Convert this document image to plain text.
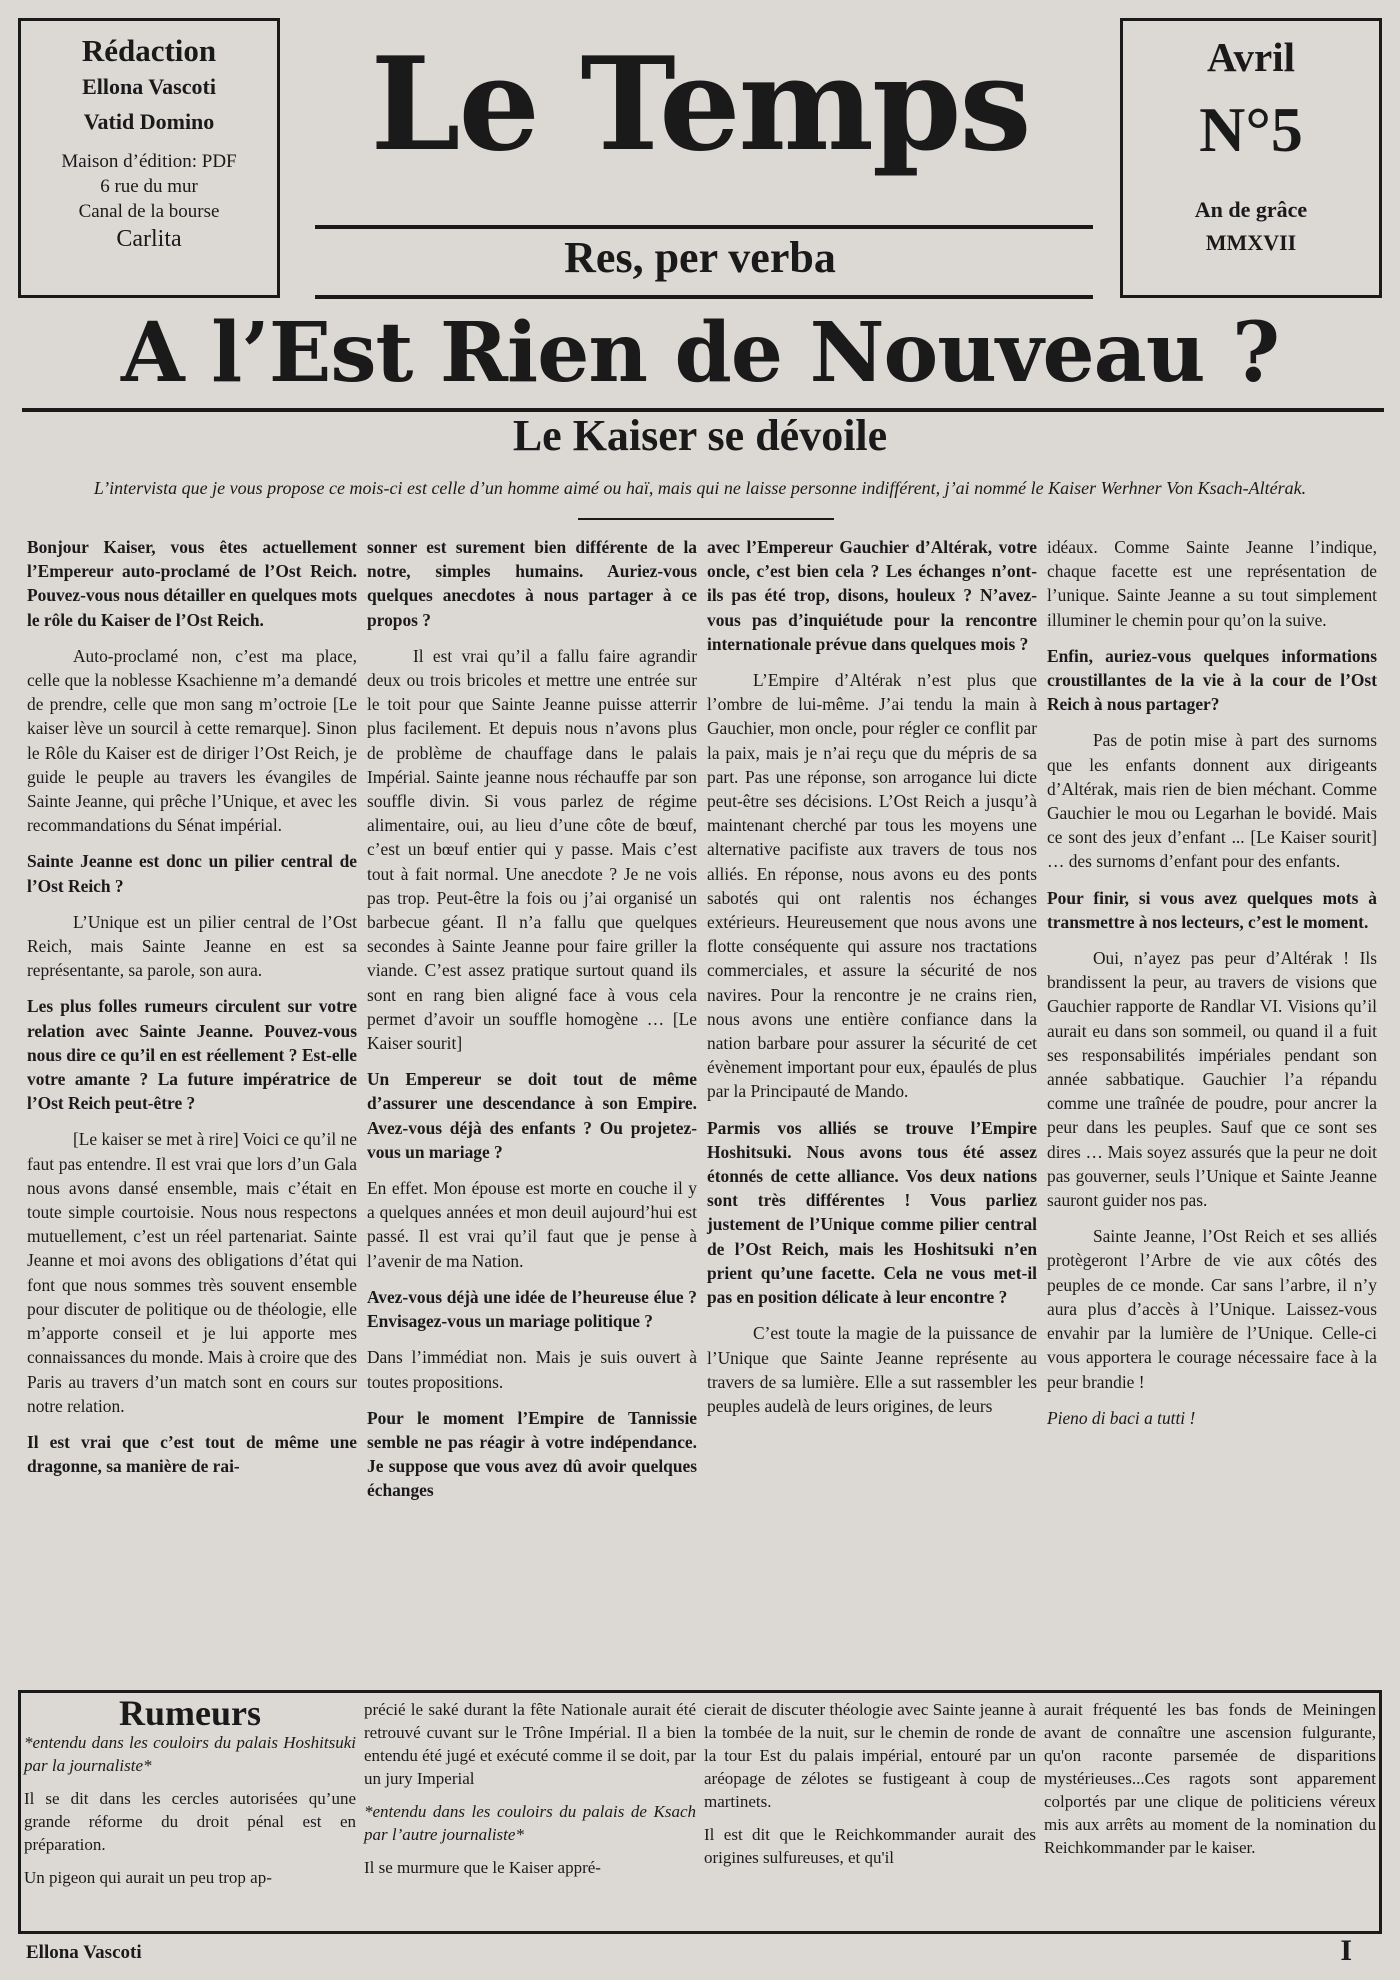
Rédaction
Ellona Vascoti
Vatid Domino
Maison d’édition: PDF
6 rue du mur
Canal de la bourse
Carlita
Le Temps
Res, per verba
Avril
N°5
An de grâce
MMXVII
A l’Est Rien de Nouveau ?
Le Kaiser se dévoile
L’intervista que je vous propose ce mois-ci est celle d’un homme aimé ou haï, mais qui ne laisse personne indifférent, j’ai nommé le Kaiser Werhner Von Ksach-Altérak.

Bonjour Kaiser, vous êtes actuellement l’Empereur auto-proclamé de l’Ost Reich. Pouvez-vous nous détailler en quelques mots le rôle du Kaiser de l’Ost Reich.

Auto-proclamé non, c’est ma place, celle que la noblesse Ksachienne m’a demandé de prendre, celle que mon sang m’octroie [Le kaiser lève un sourcil à cette remarque]. Sinon le Rôle du Kaiser est de diriger l’Ost Reich, je guide le peuple au travers les évangiles de Sainte Jeanne, qui prêche l’Unique, et avec les recommandations du Sénat impérial.

Sainte Jeanne est donc un pilier central de l’Ost Reich ?

L’Unique est un pilier central de l’Ost Reich, mais Sainte Jeanne en est sa représentante, sa parole, son aura.

Les plus folles rumeurs circulent sur votre relation avec Sainte Jeanne. Pouvez-vous nous dire ce qu’il en est réellement ? Est-elle votre amante ? La future impératrice de l’Ost Reich peut-être ?

[Le kaiser se met à rire] Voici ce qu’il ne faut pas entendre. Il est vrai que lors d’un Gala nous avons dansé ensemble, mais c’était en toute simple courtoisie. Nous nous respectons mutuellement, c’est un réel partenariat. Sainte Jeanne et moi avons des obligations d’état qui font que nous sommes très souvent ensemble pour discuter de politique ou de théologie, elle m’apporte conseil et je lui apporte mes connaissances du monde. Mais à croire que des Paris au travers d’un match sont en cours sur notre relation.

Il est vrai que c’est tout de même une dragonne, sa manière de rai-

sonner est surement bien différente de la notre, simples humains. Auriez-vous quelques anecdotes à nous partager à ce propos ?

Il est vrai qu’il a fallu faire agrandir deux ou trois bricoles et mettre une entrée sur le toit pour que Sainte Jeanne puisse atterrir plus facilement. Et depuis nous n’avons plus de problème de chauffage dans le palais Impérial. Sainte jeanne nous réchauffe par son souffle divin. Si vous parlez de régime alimentaire, oui, au lieu d’une côte de bœuf, c’est un bœuf entier qui y passe. Mais c’est tout à fait normal. Une anecdote ? Je ne vois pas trop. Peut-être la fois ou j’ai organisé un barbecue géant. Il n’a fallu que quelques secondes à Sainte Jeanne pour faire griller la viande. C’est assez pratique surtout quand ils sont en rang bien aligné face à vous cela permet d’avoir un souffle homogène … [Le Kaiser sourit]

Un Empereur se doit tout de même d’assurer une descendance à son Empire. Avez-vous déjà des enfants ? Ou projetez-vous un mariage ?

En effet. Mon épouse est morte en couche il y a quelques années et mon deuil aujourd’hui est passé. Il est vrai qu’il faut que je pense à l’avenir de ma Nation.

Avez-vous déjà une idée de l’heureuse élue ? Envisagez-vous un mariage politique ?

Dans l’immédiat non. Mais je suis ouvert à toutes propositions.

Pour le moment l’Empire de Tannissie semble ne pas réagir à votre indépendance. Je suppose que vous avez dû avoir quelques échanges

avec l’Empereur Gauchier d’Altérak, votre oncle, c’est bien cela ? Les échanges n’ont-ils pas été trop, disons, houleux ? N’avez-vous pas d’inquiétude pour la rencontre internationale prévue dans quelques mois ?

L’Empire d’Altérak n’est plus que l’ombre de lui-même. J’ai tendu la main à Gauchier, mon oncle, pour régler ce conflit par la paix, mais je n’ai reçu que du mépris de sa part. Pas une réponse, son arrogance lui dicte peut-être ses décisions. L’Ost Reich a jusqu’à maintenant cherché par tous les moyens une alternative pacifiste aux travers de tous nos alliés. En réponse, nous avons eu des ponts sabotés qui ont ralentis nos échanges extérieurs. Heureusement que nous avons une flotte conséquente qui assure nos tractations commerciales, et assure la sécurité de nos navires. Pour la rencontre je ne crains rien, nous avons une entière confiance dans la nation barbare pour assurer la sécurité de cet évènement important pour eux, épaulés de plus par la Principauté de Mando.

Parmis vos alliés se trouve l’Empire Hoshitsuki. Nous avons tous été assez étonnés de cette alliance. Vos deux nations sont très différentes ! Vous parliez justement de l’Unique comme pilier central de l’Ost Reich, mais les Hoshitsuki n’en prient qu’une facette. Cela ne vous met-il pas en position délicate à leur encontre ?

C’est toute la magie de la puissance de l’Unique que Sainte Jeanne représente au travers de sa lumière. Elle a sut rassembler les peuples audelà de leurs origines, de leurs

idéaux. Comme Sainte Jeanne l’indique, chaque facette est une représentation de l’unique. Sainte Jeanne a su tout simplement illuminer le chemin pour qu’on la suive.

Enfin, auriez-vous quelques informations croustillantes de la vie à la cour de l’Ost Reich à nous partager?

Pas de potin mise à part des surnoms que les enfants donnent aux dirigeants d’Altérak, mais rien de bien méchant. Comme Gauchier le mou ou Legarhan le bovidé. Mais ce sont des jeux d’enfant ... [Le Kaiser sourit] … des surnoms d’enfant pour des enfants.

Pour finir, si vous avez quelques mots à transmettre à nos lecteurs, c’est le moment.

Oui, n’ayez pas peur d’Altérak ! Ils brandissent la peur, au travers de visions que Gauchier rapporte de Randlar VI. Visions qu’il aurait eu dans son sommeil, ou quand il a fuit ses responsabilités impériales pendant son année sabbatique. Gauchier l’a répandu comme une traînée de poudre, pour ancrer la peur dans les peuples. Sauf que ce sont ses dires … Mais soyez assurés que la peur ne doit pas gouverner, seuls l’Unique et Sainte Jeanne sauront guider nos pas.

Sainte Jeanne, l’Ost Reich et ses alliés protègeront l’Arbre de vie aux côtés des peuples de ce monde. Car sans l’arbre, il n’y aura plus d’accès à l’Unique. Laissez-vous envahir par la lumière de l’Unique. Celle-ci vous apportera le courage nécessaire face à la peur brandie !

Pieno di baci a tutti !

Rumeurs

*entendu dans les couloirs du palais Hoshitsuki par la journaliste*

Il se dit dans les cercles autorisées qu’une grande réforme du droit pénal est en préparation.

Un pigeon qui aurait un peu trop ap-

précié le saké durant la fête Nationale aurait été retrouvé cuvant sur le Trône Impérial. Il a bien entendu été jugé et exécuté comme il se doit, par un jury Imperial

*entendu dans les couloirs du palais de Ksach par l’autre journaliste*

Il se murmure que le Kaiser appré-

cierait de discuter théologie avec Sainte jeanne à la tombée de la nuit, sur le chemin de ronde de la tour Est du palais impérial, entouré par un aréopage de zélotes se fustigeant à coup de martinets.

Il est dit que le Reichkommander aurait des origines sulfureuses, et qu'il

aurait fréquenté les bas fonds de Meiningen avant de connaître une ascension fulgurante, qu'on raconte parsemée de disparitions mystérieuses...Ces ragots sont apparement colportés par une clique de politiciens véreux mis aux arrêts au moment de la nomination du Reichkommander par le kaiser.

Ellona Vascoti	I
